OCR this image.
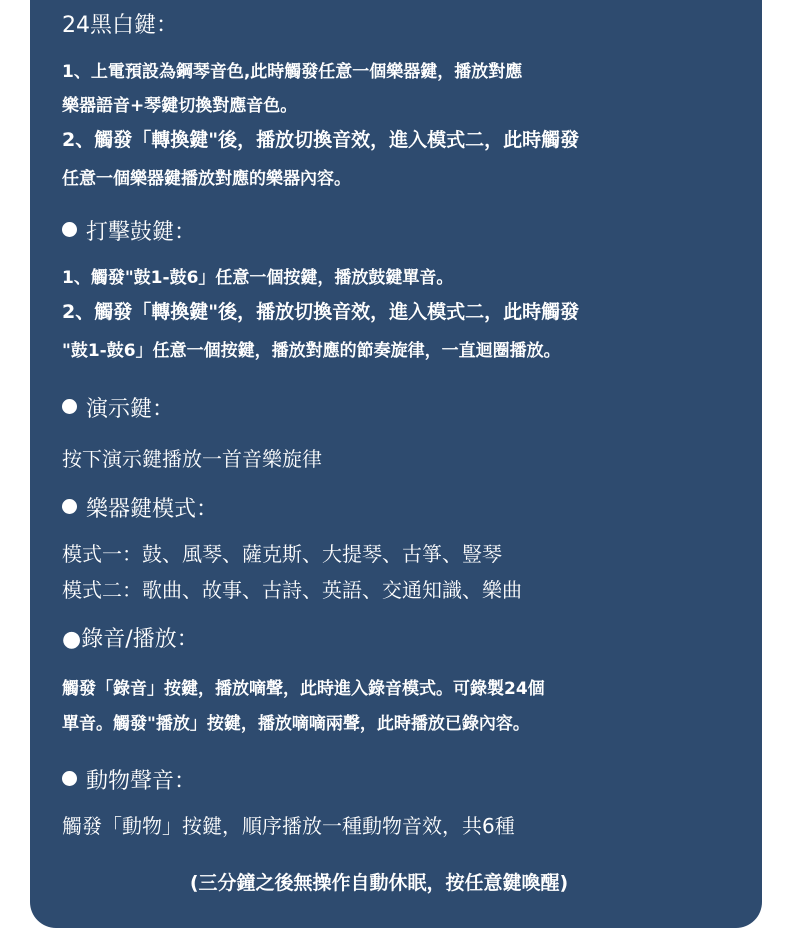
24黑白鍵：
1、上電預設為鋼琴音色,此時觸發任意一個樂器鍵，播放對應
樂器語音+琴鍵切換對應音色。
2、觸發「轉換鍵"後，播放切換音效，進入模式二，此時觸發
任意一個樂器鍵播放對應的樂器內容。
打擊鼓鍵：
1、觸發"鼓1-鼓6」任意一個按鍵，播放鼓鍵單音。
2、觸發「轉換鍵"後，播放切換音效，進入模式二，此時觸發
"鼓1-鼓6」任意一個按鍵，播放對應的節奏旋律，一直迴圈播放。
演示鍵：
按下演示鍵播放一首音樂旋律
樂器鍵模式：
模式一：鼓、風琴、薩克斯、大提琴、古箏、豎琴
模式二：歌曲、故事、古詩、英語、交通知識、樂曲
●錄音/播放：
觸發「錄音」按鍵，播放嘀聲，此時進入錄音模式。可錄製24個
單音。觸發"播放」按鍵，播放嘀嘀兩聲，此時播放已錄內容。
動物聲音：
觸發「動物」按鍵，順序播放一種動物音效，共6種
(三分鐘之後無操作自動休眠，按任意鍵喚醒)
